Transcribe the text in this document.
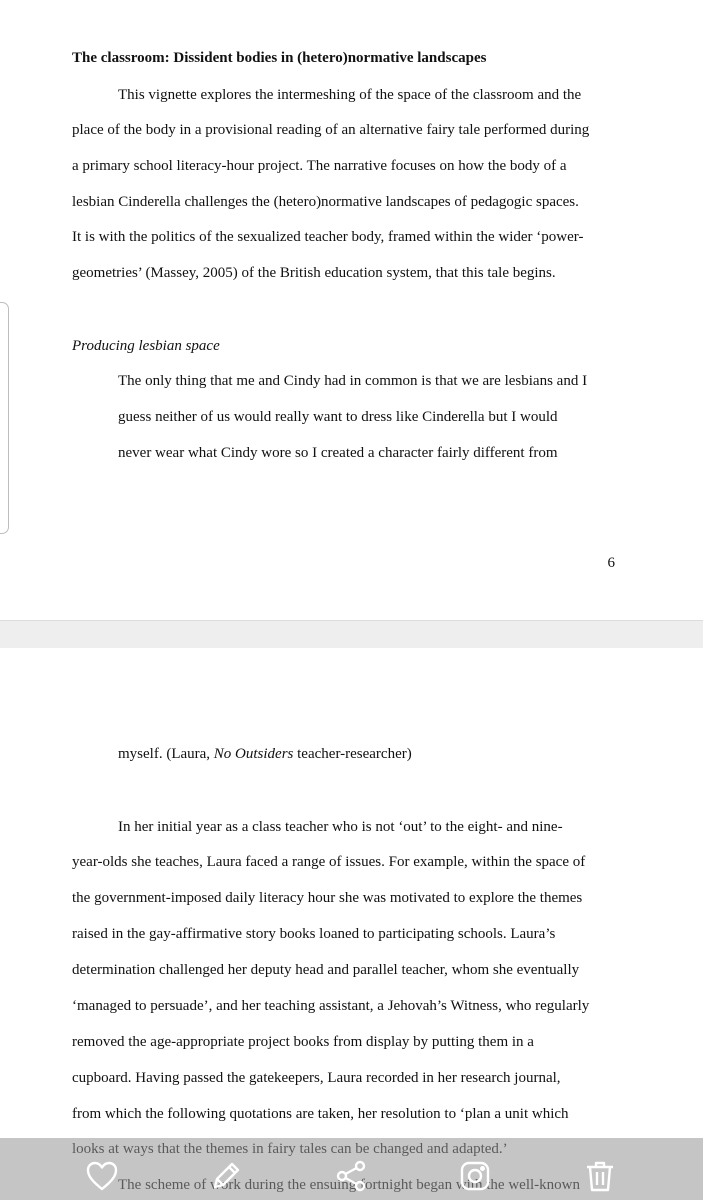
The classroom: Dissident bodies in (hetero)normative landscapes
This vignette explores the intermeshing of the space of the classroom and the
place of the body in a provisional reading of an alternative fairy tale performed during
a primary school literacy-hour project. The narrative focuses on how the body of a
lesbian Cinderella challenges the (hetero)normative landscapes of pedagogic spaces.
It is with the politics of the sexualized teacher body, framed within the wider ‘power-
geometries’ (Massey, 2005) of the British education system, that this tale begins.
Producing lesbian space
The only thing that me and Cindy had in common is that we are lesbians and I
guess neither of us would really want to dress like Cinderella but I would
never wear what Cindy wore so I created a character fairly different from
6
myself. (Laura, No Outsiders teacher-researcher)
In her initial year as a class teacher who is not ‘out’ to the eight- and nine-
year-olds she teaches, Laura faced a range of issues. For example, within the space of
the government-imposed daily literacy hour she was motivated to explore the themes
raised in the gay-affirmative story books loaned to participating schools. Laura’s
determination challenged her deputy head and parallel teacher, whom she eventually
‘managed to persuade’, and her teaching assistant, a Jehovah’s Witness, who regularly
removed the age-appropriate project books from display by putting them in a
cupboard. Having passed the gatekeepers, Laura recorded in her research journal,
from which the following quotations are taken, her resolution to ‘plan a unit which
